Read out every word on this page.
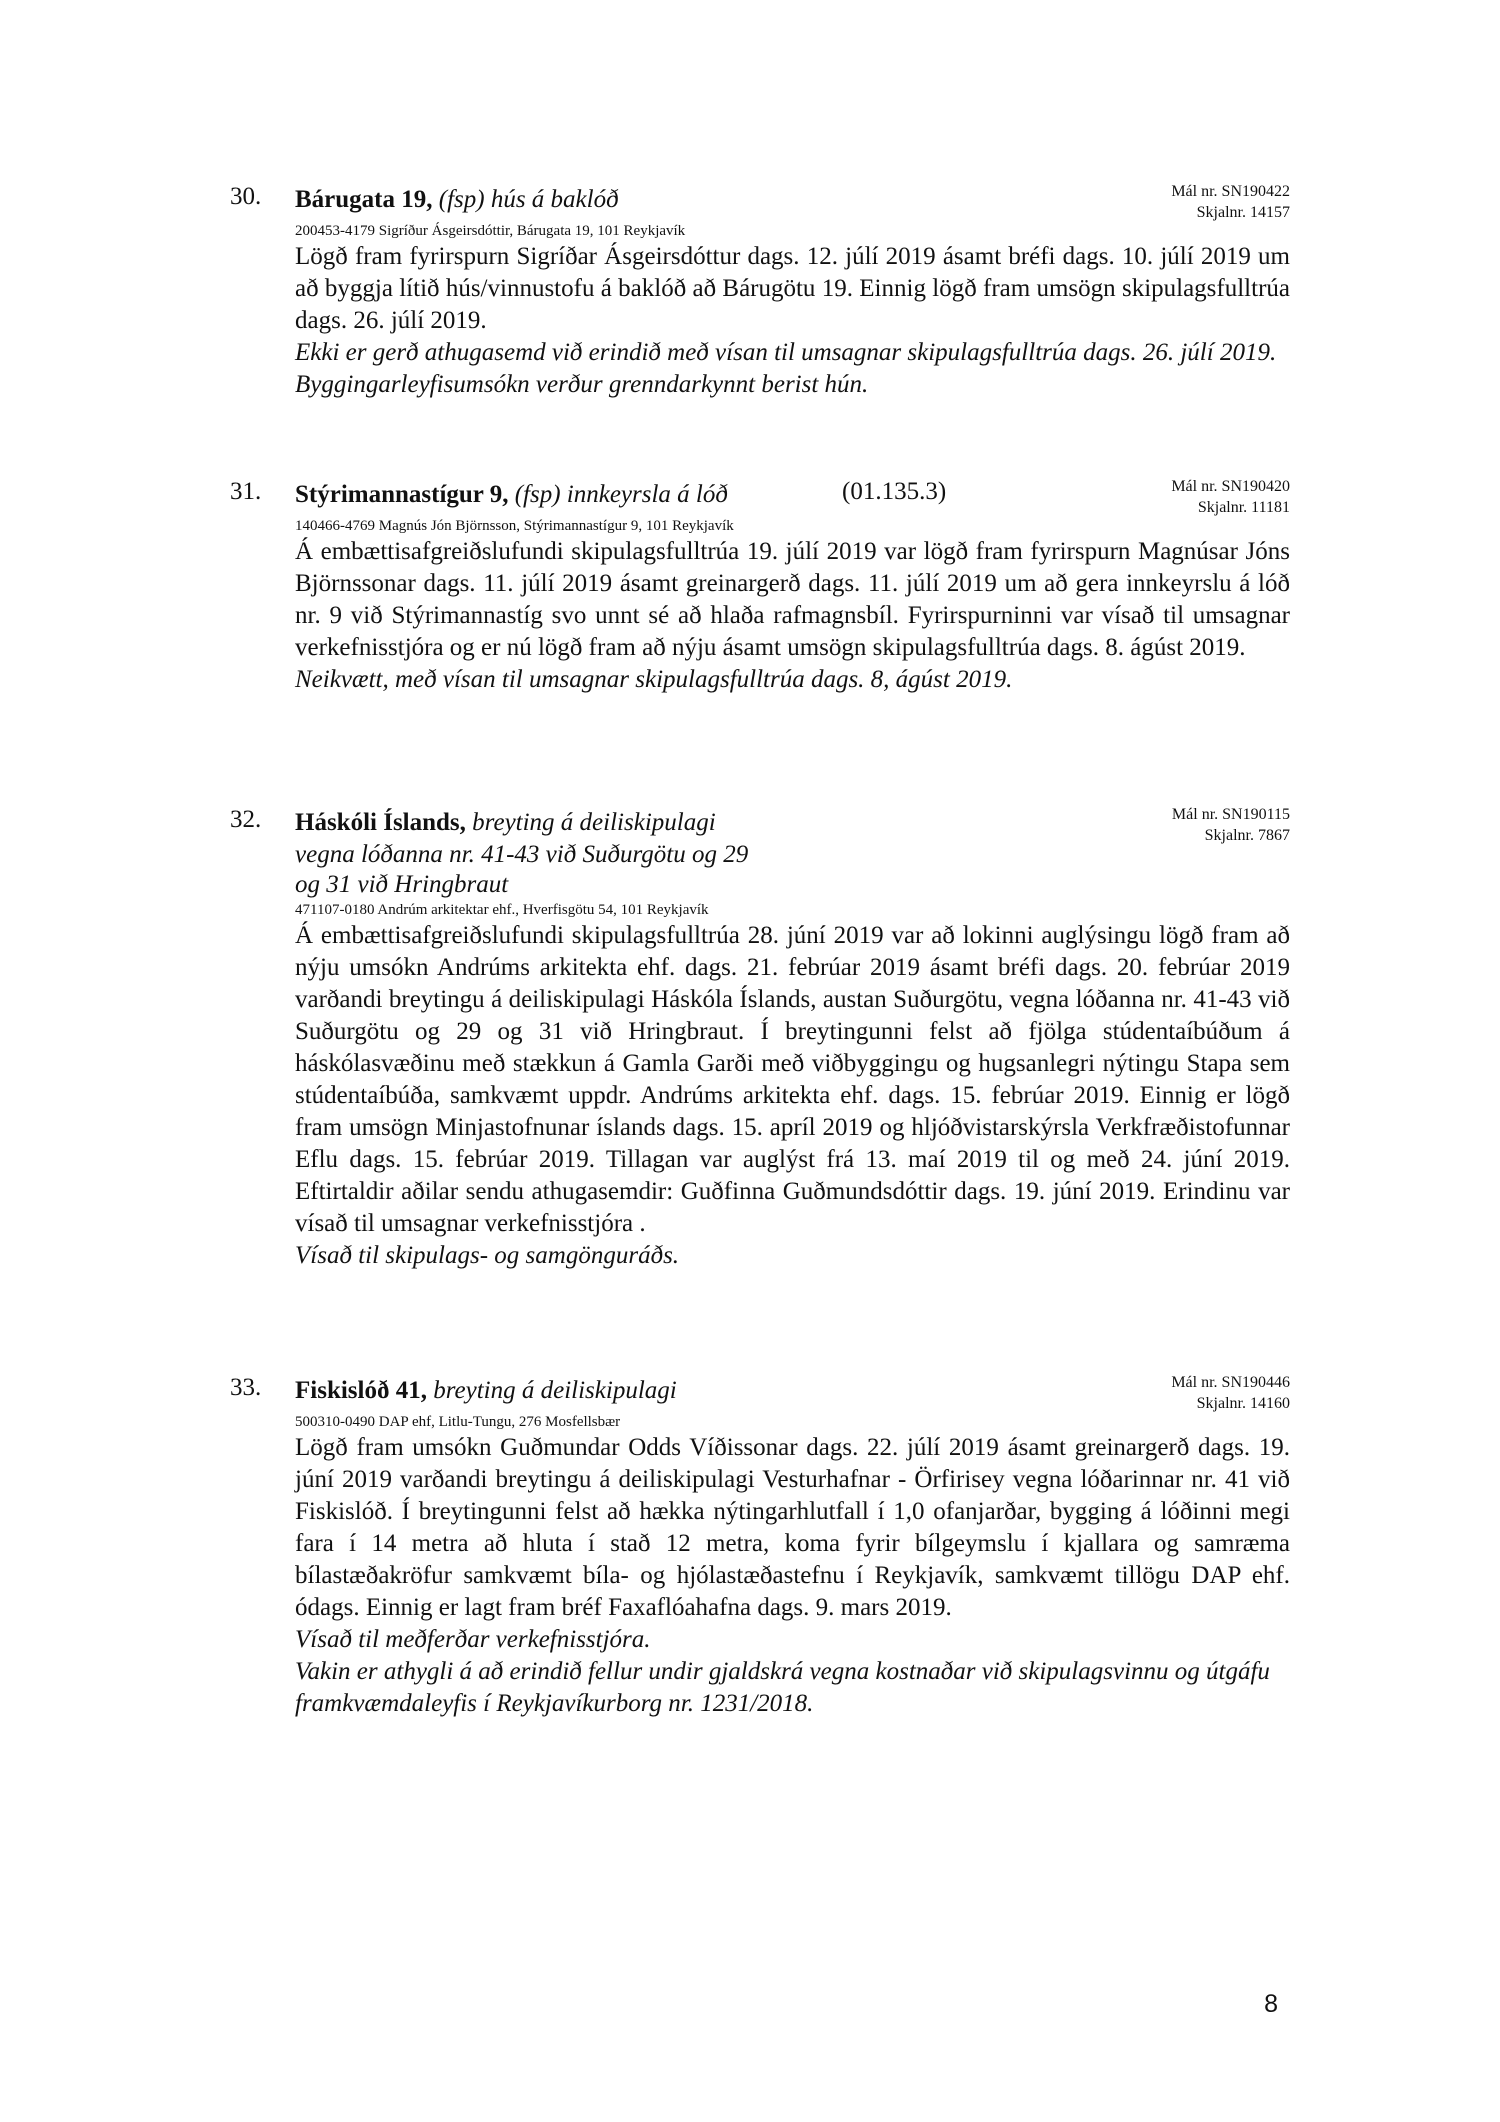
30. Bárugata 19, (fsp) hús á baklóð	Mál nr. SN190422
Skjalnr. 14157
200453-4179 Sigríður Ásgeirsdóttir, Bárugata 19, 101 Reykjavík
Lögð fram fyrirspurn Sigríðar Ásgeirsdóttur dags. 12. júlí 2019 ásamt bréfi dags. 10. júlí 2019 um að byggja lítið hús/vinnustofu á baklóð að Bárugötu 19. Einnig lögð fram umsögn skipulagsfulltrúa dags. 26. júlí 2019.
Ekki er gerð athugasemd við erindið með vísan til umsagnar skipulagsfulltrúa dags. 26. júlí 2019. Byggingarleyfisumsókn verður grenndarkynnt berist hún.
31. Stýrimannastígur 9, (fsp) innkeyrsla á lóð	(01.135.3)	Mál nr. SN190420
Skjalnr. 11181
140466-4769 Magnús Jón Björnsson, Stýrimannastígur 9, 101 Reykjavík
Á embættisafgreiðslufundi skipulagsfulltrúa 19. júlí 2019 var lögð fram fyrirspurn Magnúsar Jóns Björnssonar dags. 11. júlí 2019 ásamt greinargerð dags. 11. júlí 2019 um að gera innkeyrslu á lóð nr. 9 við Stýrimannastíg svo unnt sé að hlaða rafmagnsbíl. Fyrirspurninni var vísað til umsagnar verkefnisstjóra og er nú lögð fram að nýju ásamt umsögn skipulagsfulltrúa dags. 8. ágúst 2019.
Neikvætt, með vísan til umsagnar skipulagsfulltrúa dags. 8, ágúst 2019.
32. Háskóli Íslands, breyting á deiliskipulagi	Mál nr. SN190115
Skjalnr. 7867
vegna lóðanna nr. 41-43 við Suðurgötu og 29
og 31 við Hringbraut
471107-0180 Andrúm arkitektar ehf., Hverfisgötu 54, 101 Reykjavík
Á embættisafgreiðslufundi skipulagsfulltrúa 28. júní 2019 var að lokinni auglýsingu lögð fram að nýju umsókn Andrúms arkitekta ehf. dags. 21. febrúar 2019 ásamt bréfi dags. 20. febrúar 2019 varðandi breytingu á deiliskipulagi Háskóla Íslands, austan Suðurgötu, vegna lóðanna nr. 41-43 við Suðurgötu og 29 og 31 við Hringbraut. Í breytingunni felst að fjölga stúdentaíbúðum á háskólasvæðinu með stækkun á Gamla Garði með viðbyggingu og hugsanlegri nýtingu Stapa sem stúdentaíbúða, samkvæmt uppdr. Andrúms arkitekta ehf. dags. 15. febrúar 2019. Einnig er lögð fram umsögn Minjastofnunar íslands dags. 15. apríl 2019 og hljóðvistarskýrsla Verkfræðistofunnar Eflu dags. 15. febrúar 2019. Tillagan var auglýst frá 13. maí 2019 til og með 24. júní 2019. Eftirtaldir aðilar sendu athugasemdir: Guðfinna Guðmundsdóttir dags. 19. júní 2019. Erindinu var vísað til umsagnar verkefnisstjóra .
Vísað til skipulags- og samgönguráðs.
33. Fiskislóð 41, breyting á deiliskipulagi	Mál nr. SN190446
Skjalnr. 14160
500310-0490 DAP ehf, Litlu-Tungu, 276 Mosfellsbær
Lögð fram umsókn Guðmundar Odds Víðissonar dags. 22. júlí 2019 ásamt greinargerð dags. 19. júní 2019 varðandi breytingu á deiliskipulagi Vesturhafnar - Örfirisey vegna lóðarinnar nr. 41 við Fiskislóð. Í breytingunni felst að hækka nýtingarhlutfall í 1,0 ofanjarðar, bygging á lóðinni megi fara í 14 metra að hluta í stað 12 metra, koma fyrir bílgeymslu í kjallara og samræma bílastæðakröfur samkvæmt bíla- og hjólastæðastefnu í Reykjavík, samkvæmt tillögu DAP ehf. ódags. Einnig er lagt fram bréf Faxaflóahafna dags. 9. mars 2019.
Vísað til meðferðar verkefnisstjóra.
Vakin er athygli á að erindið fellur undir gjaldskrá vegna kostnaðar við skipulagsvinnu og útgáfu framkvæmdaleyfis í Reykjavíkurborg nr. 1231/2018.
8
